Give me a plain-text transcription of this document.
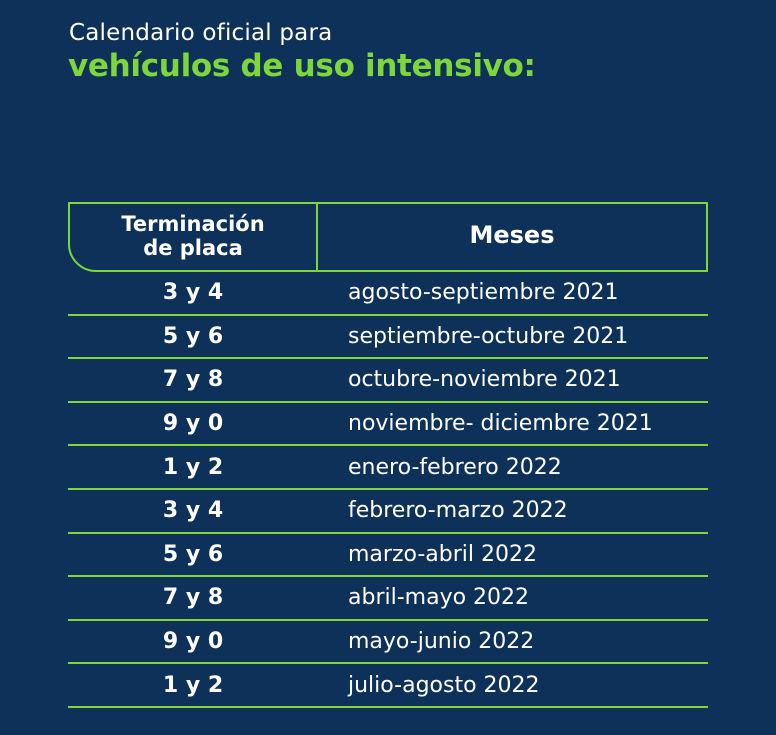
Calendario oficial para
vehículos de uso intensivo:
Terminación
de placa	Meses
3 y 4	agosto-septiembre 2021
5 y 6	septiembre-octubre 2021
7 y 8	octubre-noviembre 2021
9 y 0	noviembre- diciembre 2021
1 y 2	enero-febrero 2022
3 y 4	febrero-marzo 2022
5 y 6	marzo-abril 2022
7 y 8	abril-mayo 2022
9 y 0	mayo-junio 2022
1 y 2	julio-agosto 2022
